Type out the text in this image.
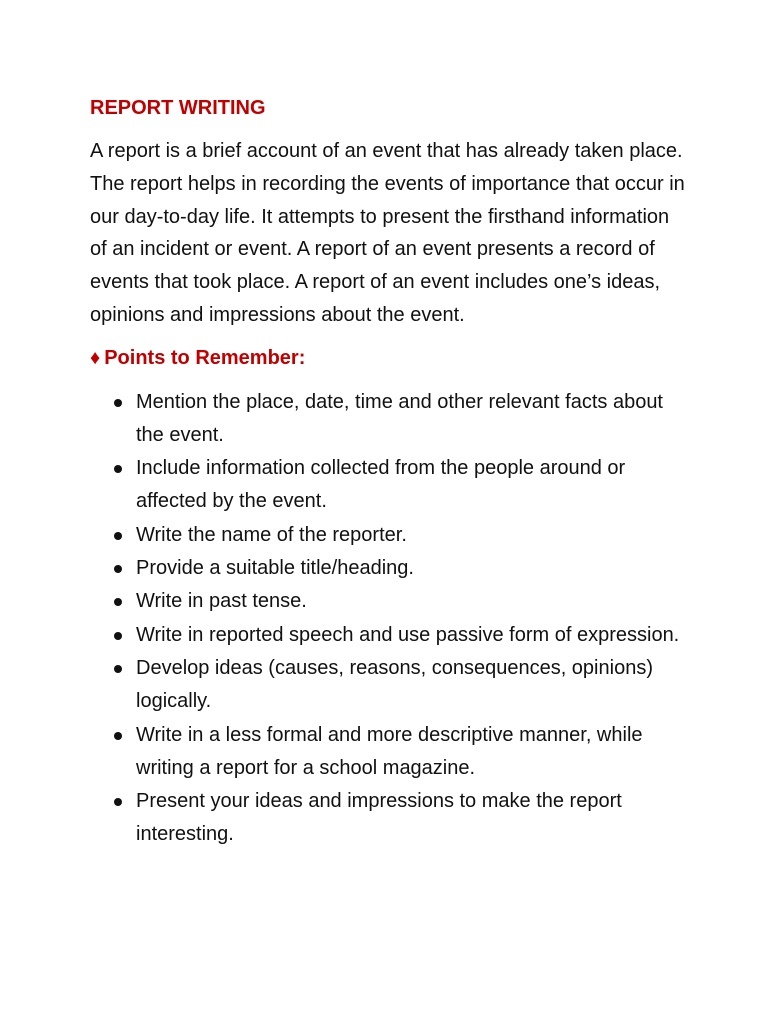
REPORT WRITING

A report is a brief account of an event that has already taken place. The report helps in recording the events of importance that occur in our day-to-day life. It attempts to present the firsthand information of an incident or event. A report of an event presents a record of events that took place. A report of an event includes one’s ideas, opinions and impressions about the event.

♦ Points to Remember:
Mention the place, date, time and other relevant facts about the event.
Include information collected from the people around or affected by the event.
Write the name of the reporter.
Provide a suitable title/heading.
Write in past tense.
Write in reported speech and use passive form of expression.
Develop ideas (causes, reasons, consequences, opinions) logically.
Write in a less formal and more descriptive manner, while writing a report for a school magazine.
Present your ideas and impressions to make the report interesting.
